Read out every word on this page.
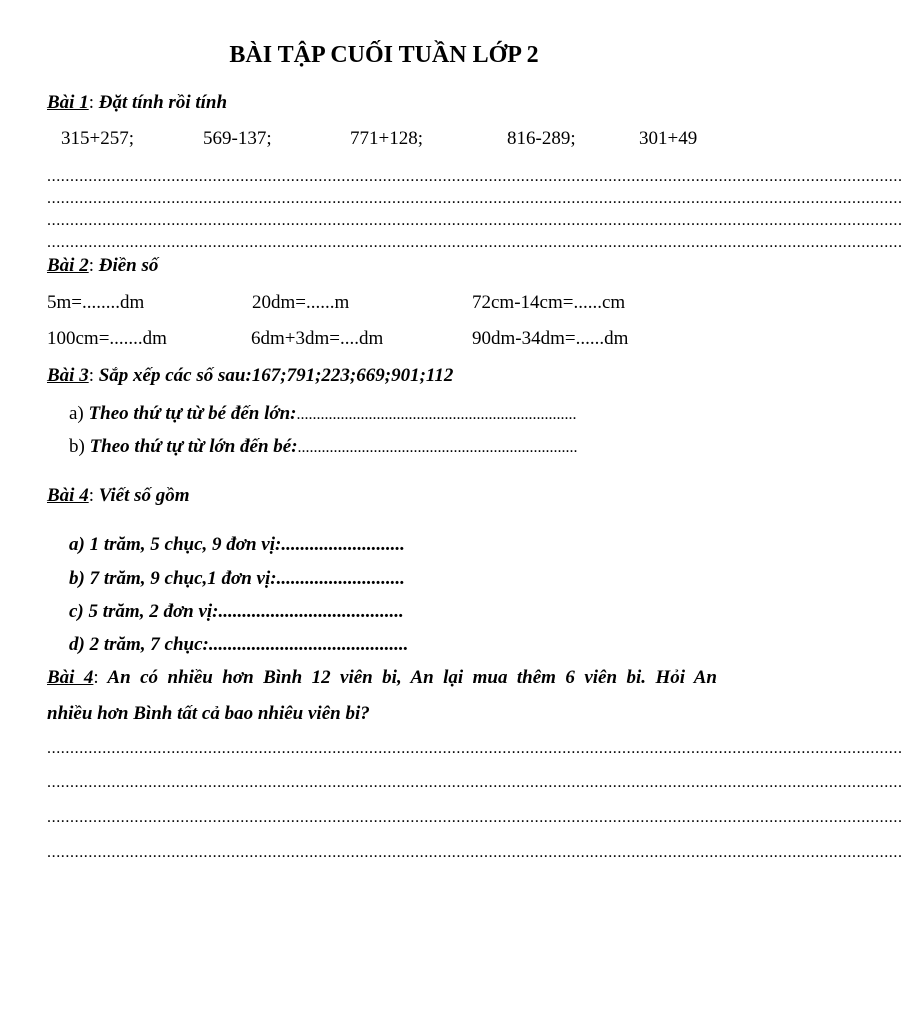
BÀI TẬP CUỐI TUẦN LỚP 2
Bài 1: Đặt tính rồi tính
315+257;	569-137;	771+128;	816-289;	301+49
..........................................................................................................................................................................................
..........................................................................................................................................................................................
..........................................................................................................................................................................................
..........................................................................................................................................................................................
Bài 2: Điền số
5m=........dm	20dm=......m	72cm-14cm=......cm
100cm=.......dm	6dm+3dm=....dm	90dm-34dm=......dm
Bài 3: Sắp xếp các số sau:167;791;223;669;901;112
a) Theo thứ tự từ bé đến lớn:......................................................................
b) Theo thứ tự từ lớn đến bé:......................................................................
Bài 4: Viết số gồm
a) 1 trăm, 5 chục, 9 đơn vị:..........................
b) 7 trăm, 9 chục,1 đơn vị:...........................
c) 5 trăm, 2 đơn vị:.......................................
d) 2 trăm, 7 chục:..........................................
Bài 4: An có nhiều hơn Bình 12 viên bi, An lại mua thêm 6 viên bi. Hỏi An
nhiều hơn Bình tất cả bao nhiêu viên bi?
..........................................................................................................................................................................................
..........................................................................................................................................................................................
..........................................................................................................................................................................................
..........................................................................................................................................................................................
